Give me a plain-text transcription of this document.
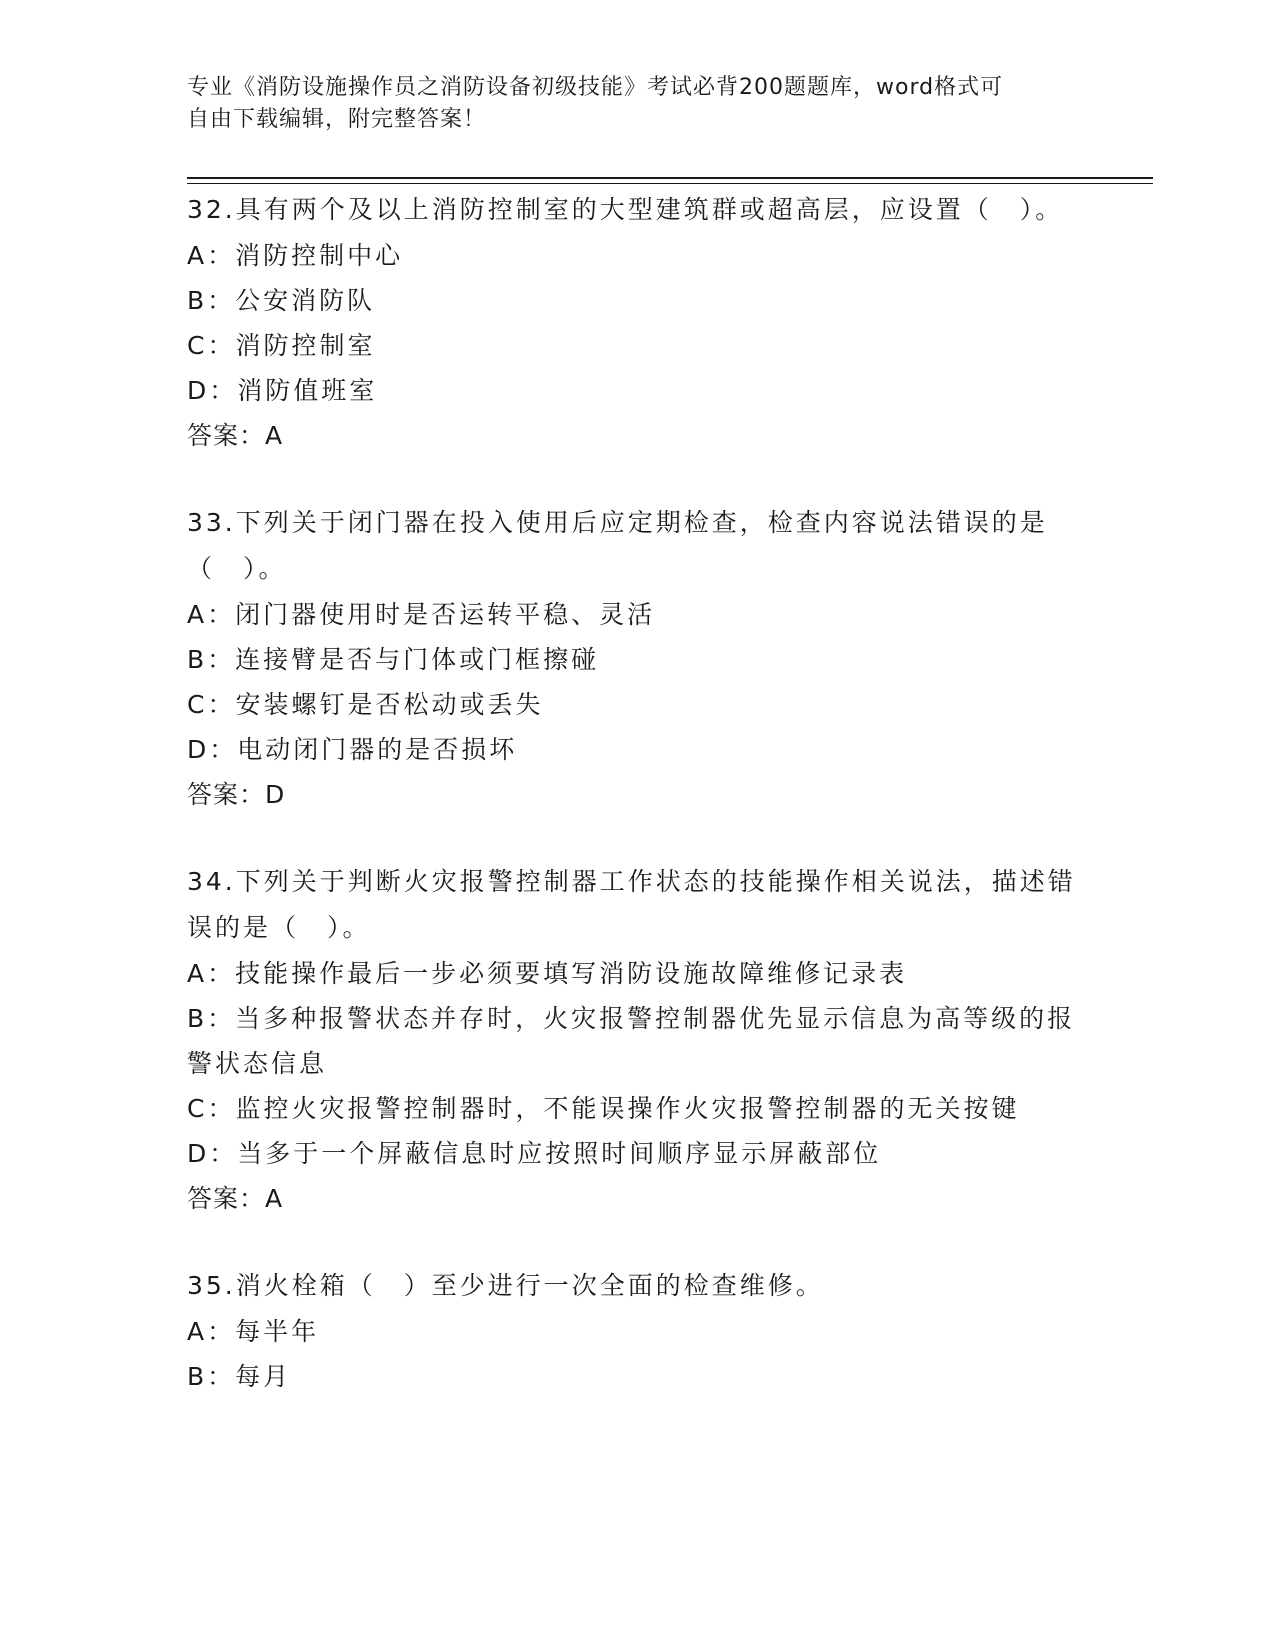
专业《消防设施操作员之消防设备初级技能》考试必背200题题库，word格式可
自由下载编辑，附完整答案！
32.具有两个及以上消防控制室的大型建筑群或超高层，应设置（　）。
A：消防控制中心
B：公安消防队
C：消防控制室
D：消防值班室
答案：A
33.下列关于闭门器在投入使用后应定期检查，检查内容说法错误的是（　）。
A：闭门器使用时是否运转平稳、灵活
B：连接臂是否与门体或门框擦碰
C：安装螺钉是否松动或丢失
D：电动闭门器的是否损坏
答案：D
34.下列关于判断火灾报警控制器工作状态的技能操作相关说法，描述错误的是（　）。
A：技能操作最后一步必须要填写消防设施故障维修记录表
B：当多种报警状态并存时，火灾报警控制器优先显示信息为高等级的报警状态信息
C：监控火灾报警控制器时，不能误操作火灾报警控制器的无关按键
D：当多于一个屏蔽信息时应按照时间顺序显示屏蔽部位
答案：A
35.消火栓箱（　）至少进行一次全面的检查维修。
A：每半年
B：每月
